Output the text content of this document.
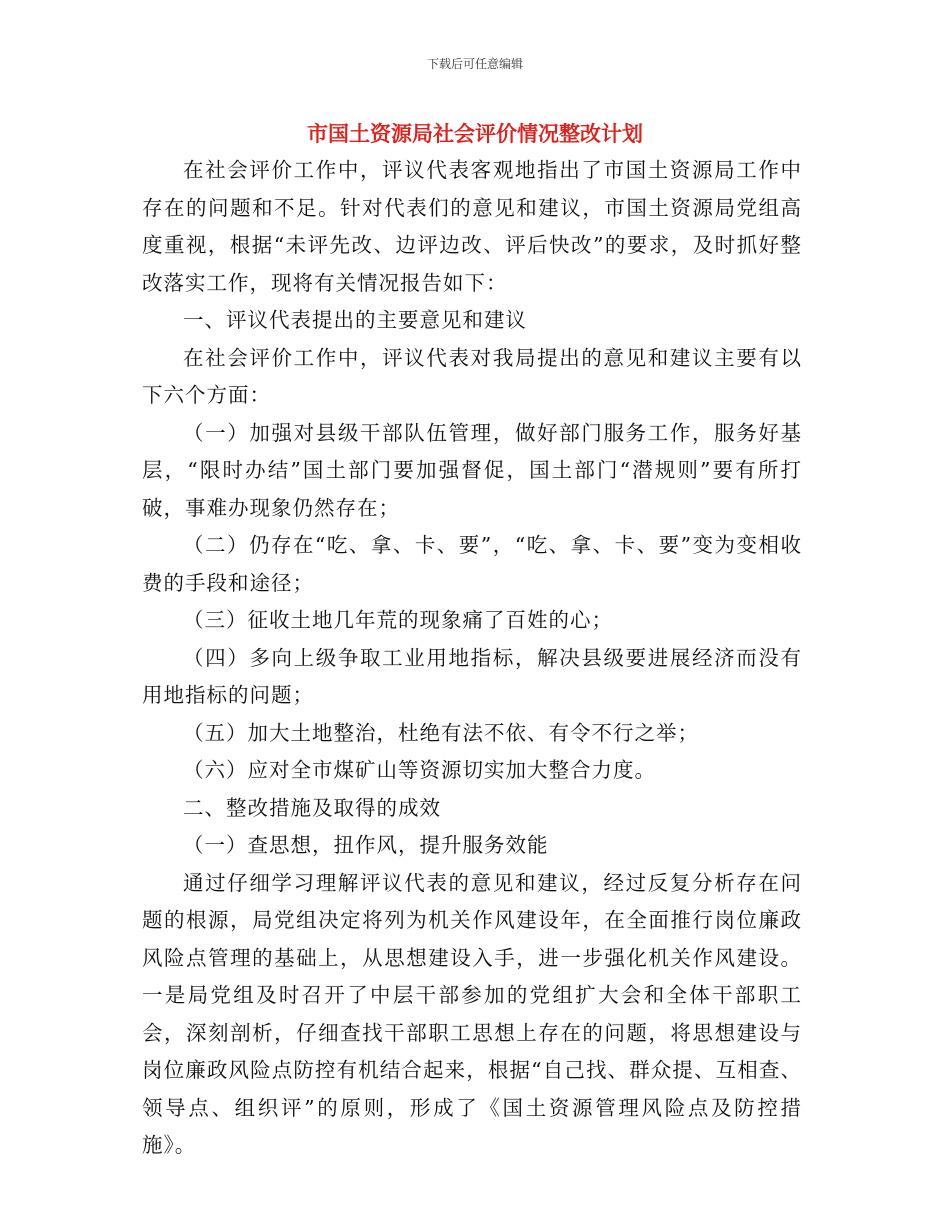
下载后可任意编辑
市国土资源局社会评价情况整改计划

在社会评价工作中，评议代表客观地指出了市国土资源局工作中存在的问题和不足。针对代表们的意见和建议，市国土资源局党组高度重视，根据“未评先改、边评边改、评后快改”的要求，及时抓好整改落实工作，现将有关情况报告如下：

一、评议代表提出的主要意见和建议

在社会评价工作中，评议代表对我局提出的意见和建议主要有以下六个方面：

（一）加强对县级干部队伍管理，做好部门服务工作，服务好基层，“限时办结”国土部门要加强督促，国土部门“潜规则”要有所打破，事难办现象仍然存在；

（二）仍存在“吃、拿、卡、要”，“吃、拿、卡、要”变为变相收费的手段和途径；

（三）征收土地几年荒的现象痛了百姓的心；

（四）多向上级争取工业用地指标，解决县级要进展经济而没有用地指标的问题；

（五）加大土地整治，杜绝有法不依、有令不行之举；

（六）应对全市煤矿山等资源切实加大整合力度。

二、整改措施及取得的成效

（一）查思想，扭作风，提升服务效能

通过仔细学习理解评议代表的意见和建议，经过反复分析存在问题的根源，局党组决定将列为机关作风建设年，在全面推行岗位廉政风险点管理的基础上，从思想建设入手，进一步强化机关作风建设。一是局党组及时召开了中层干部参加的党组扩大会和全体干部职工会，深刻剖析，仔细查找干部职工思想上存在的问题，将思想建设与岗位廉政风险点防控有机结合起来，根据“自己找、群众提、互相查、领导点、组织评”的原则，形成了《国土资源管理风险点及防控措施》。
